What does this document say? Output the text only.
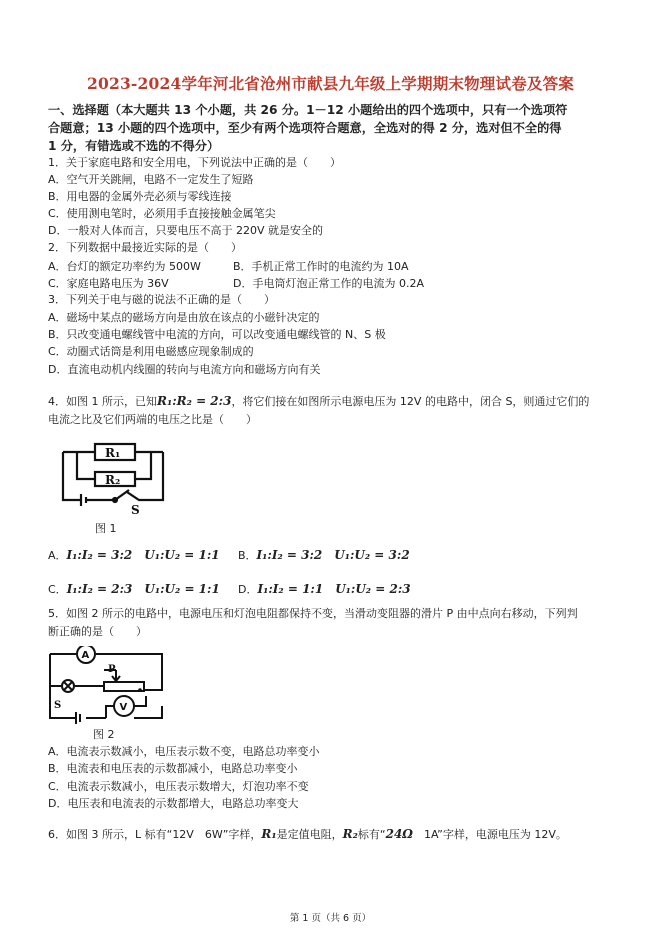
2023-2024学年河北省沧州市献县九年级上学期期末物理试卷及答案
一、选择题（本大题共 13 个小题，共 26 分。1－12 小题给出的四个选项中，只有一个选项符
合题意；13 小题的四个选项中，至少有两个选项符合题意，全选对的得 2 分，选对但不全的得
1 分，有错选或不选的不得分）
1．关于家庭电路和安全用电，下列说法中正确的是（　　）
A．空气开关跳闸，电路不一定发生了短路
B．用电器的金属外壳必须与零线连接
C．使用测电笔时，必须用手直接接触金属笔尖
D．一般对人体而言，只要电压不高于 220V 就是安全的
2．下列数据中最接近实际的是（　　）
A．台灯的额定功率约为 500W	B．手机正常工作时的电流约为 10A
C．家庭电路电压为 36V	D．手电筒灯泡正常工作的电流为 0.2A
3．下列关于电与磁的说法不正确的是（　　）
A．磁场中某点的磁场方向是由放在该点的小磁针决定的
B．只改变通电螺线管中电流的方向，可以改变通电螺线管的 N、S 极
C．动圈式话筒是利用电磁感应现象制成的
D．直流电动机内线圈的转向与电流方向和磁场方向有关
4．如图 1 所示，已知R₁:R₂ = 2:3，将它们接在如图所示电源电压为 12V 的电路中，闭合 S，则通过它们的
电流之比及它们两端的电压之比是（　　）
R₁
R₂
S
图 1
A．I₁:I₂ = 3:2　U₁:U₂ = 1:1 B．I₁:I₂ = 3:2　U₁:U₂ = 3:2
C．I₁:I₂ = 2:3　U₁:U₂ = 1:1 D．I₁:I₂ = 1:1　U₁:U₂ = 2:3
5．如图 2 所示的电路中，电源电压和灯泡电阻都保持不变，当滑动变阻器的滑片 P 由中点向右移动，下列判
断正确的是（　　）
A
V
P
S
图 2
A．电流表示数减小，电压表示数不变，电路总功率变小
B．电流表和电压表的示数都减小，电路总功率变小
C．电流表示数减小，电压表示数增大，灯泡功率不变
D．电压表和电流表的示数都增大，电路总功率变大
6．如图 3 所示，L 标有“12V　6W”字样，R₁是定值电阻，R₂标有“24Ω　1A”字样，电源电压为 12V。
第 1 页（共 6 页）
